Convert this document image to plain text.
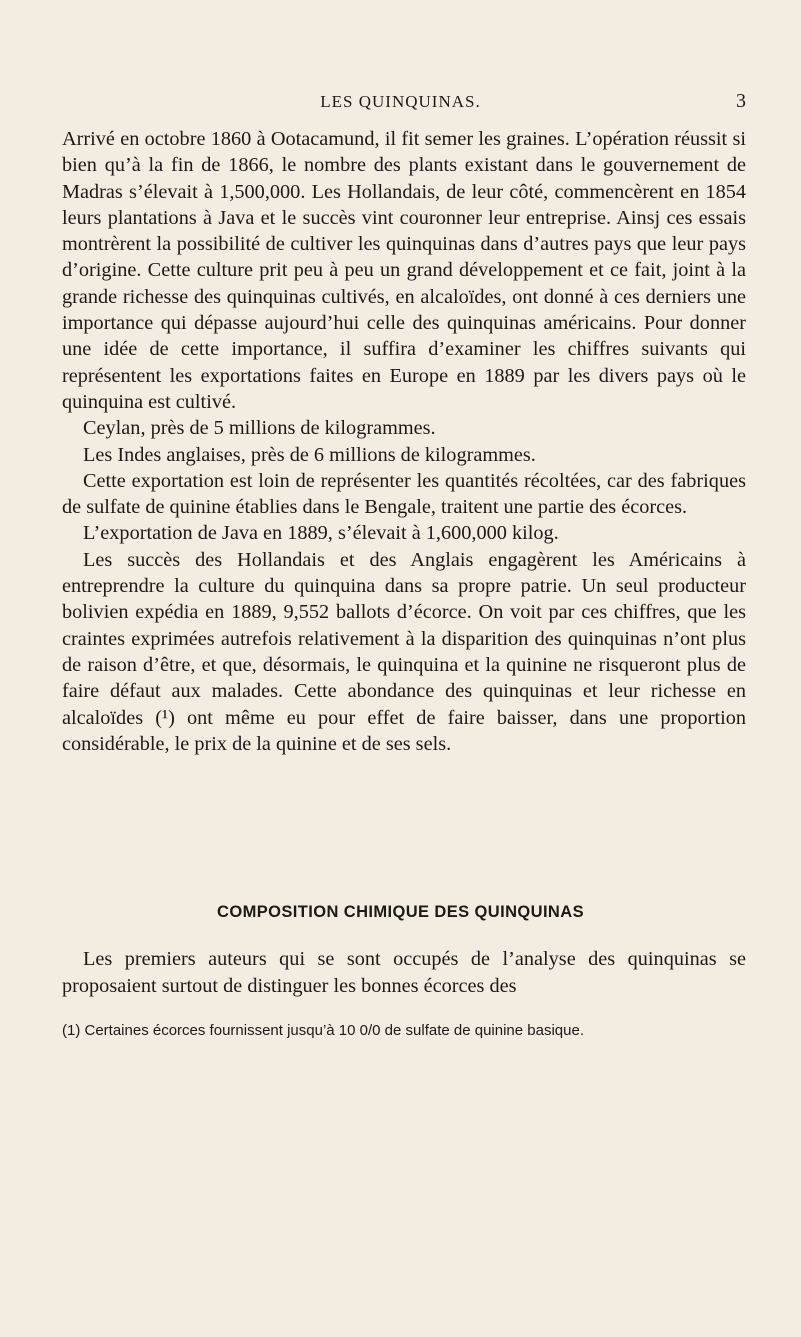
LES QUINQUINAS.	3

Arrivé en octobre 1860 à Ootacamund, il fit semer les graines. L’opération réussit si bien qu’à la fin de 1866, le nombre des plants existant dans le gouvernement de Madras s’élevait à 1,500,000. Les Hollandais, de leur côté, commencèrent en 1854 leurs plantations à Java et le succès vint couronner leur entreprise. Ainsj ces essais montrèrent la possibilité de cultiver les quinquinas dans d’autres pays que leur pays d’origine. Cette culture prit peu à peu un grand développement et ce fait, joint à la grande richesse des quinquinas cultivés, en alcaloïdes, ont donné à ces derniers une importance qui dépasse aujourd’hui celle des quinquinas américains. Pour donner une idée de cette importance, il suffira d’examiner les chiffres suivants qui représentent les exportations faites en Europe en 1889 par les divers pays où le quinquina est cultivé.

Ceylan, près de 5 millions de kilogrammes.

Les Indes anglaises, près de 6 millions de kilogrammes.

Cette exportation est loin de représenter les quantités récoltées, car des fabriques de sulfate de quinine établies dans le Bengale, traitent une partie des écorces.

L’exportation de Java en 1889, s’élevait à 1,600,000 kilog.

Les succès des Hollandais et des Anglais engagèrent les Américains à entreprendre la culture du quinquina dans sa propre patrie. Un seul producteur bolivien expédia en 1889, 9,552 ballots d’écorce. On voit par ces chiffres, que les craintes exprimées autrefois relativement à la disparition des quinquinas n’ont plus de raison d’être, et que, désormais, le quinquina et la quinine ne risqueront plus de faire défaut aux malades. Cette abondance des quinquinas et leur richesse en alcaloïdes (¹) ont même eu pour effet de faire baisser, dans une proportion considérable, le prix de la quinine et de ses sels.

COMPOSITION CHIMIQUE DES QUINQUINAS

Les premiers auteurs qui se sont occupés de l’analyse des quinquinas se proposaient surtout de distinguer les bonnes écorces des

(1) Certaines écorces fournissent jusqu’à 10 0/0 de sulfate de quinine basique.
